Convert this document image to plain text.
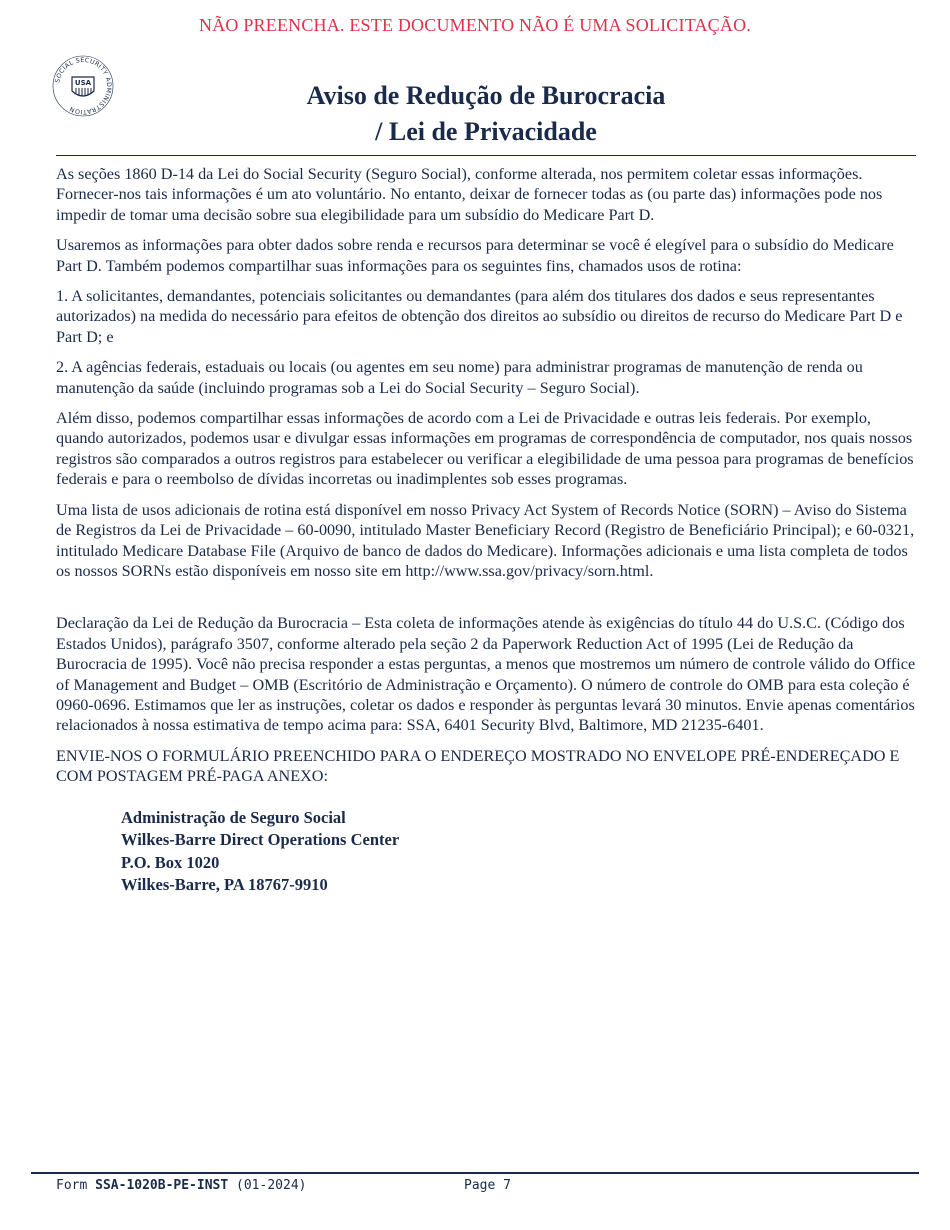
NÃO PREENCHA. ESTE DOCUMENTO NÃO É UMA SOLICITAÇÃO.
SOCIAL SECURITY ADMINISTRATION
USA	Aviso de Redução de Burocracia
/ Lei de Privacidade

As seções 1860 D-14 da Lei do Social Security (Seguro Social), conforme alterada, nos permitem coletar essas informações. Fornecer-nos tais informações é um ato voluntário. No entanto, deixar de fornecer todas as (ou parte das) informações pode nos impedir de tomar uma decisão sobre sua elegibilidade para um subsídio do Medicare Part D.

Usaremos as informações para obter dados sobre renda e recursos para determinar se você é elegível para o subsídio do Medicare Part D. Também podemos compartilhar suas informações para os seguintes fins, chamados usos de rotina:

1. A solicitantes, demandantes, potenciais solicitantes ou demandantes (para além dos titulares dos dados e seus representantes autorizados) na medida do necessário para efeitos de obtenção dos direitos ao subsídio ou direitos de recurso do Medicare Part D e Part D; e

2. A agências federais, estaduais ou locais (ou agentes em seu nome) para administrar programas de manutenção de renda ou manutenção da saúde (incluindo programas sob a Lei do Social Security – Seguro Social).

Além disso, podemos compartilhar essas informações de acordo com a Lei de Privacidade e outras leis federais. Por exemplo, quando autorizados, podemos usar e divulgar essas informações em programas de correspondência de computador, nos quais nossos registros são comparados a outros registros para estabelecer ou verificar a elegibilidade de uma pessoa para programas de benefícios federais e para o reembolso de dívidas incorretas ou inadimplentes sob esses programas.

Uma lista de usos adicionais de rotina está disponível em nosso Privacy Act System of Records Notice (SORN) – Aviso do Sistema de Registros da Lei de Privacidade – 60-0090, intitulado Master Beneficiary Record (Registro de Beneficiário Principal); e 60-0321, intitulado Medicare Database File (Arquivo de banco de dados do Medicare). Informações adicionais e uma lista completa de todos os nossos SORNs estão disponíveis em nosso site em http://www.ssa.gov/privacy/sorn.html.

Declaração da Lei de Redução da Burocracia – Esta coleta de informações atende às exigências do título 44 do U.S.C. (Código dos Estados Unidos), parágrafo 3507, conforme alterado pela seção 2 da Paperwork Reduction Act of 1995 (Lei de Redução da Burocracia de 1995). Você não precisa responder a estas perguntas, a menos que mostremos um número de controle válido do Office of Management and Budget – OMB (Escritório de Administração e Orçamento). O número de controle do OMB para esta coleção é 0960-0696. Estimamos que ler as instruções, coletar os dados e responder às perguntas levará 30 minutos. Envie apenas comentários relacionados à nossa estimativa de tempo acima para: SSA, 6401 Security Blvd, Baltimore, MD 21235-6401.

ENVIE-NOS O FORMULÁRIO PREENCHIDO PARA O ENDEREÇO MOSTRADO NO ENVELOPE PRÉ-ENDEREÇADO E COM POSTAGEM PRÉ-PAGA ANEXO:

Administração de Seguro Social
Wilkes-Barre Direct Operations Center
P.O. Box 1020
Wilkes-Barre, PA 18767-9910
Form SSA-1020B-PE-INST (01-2024)	Page 7
